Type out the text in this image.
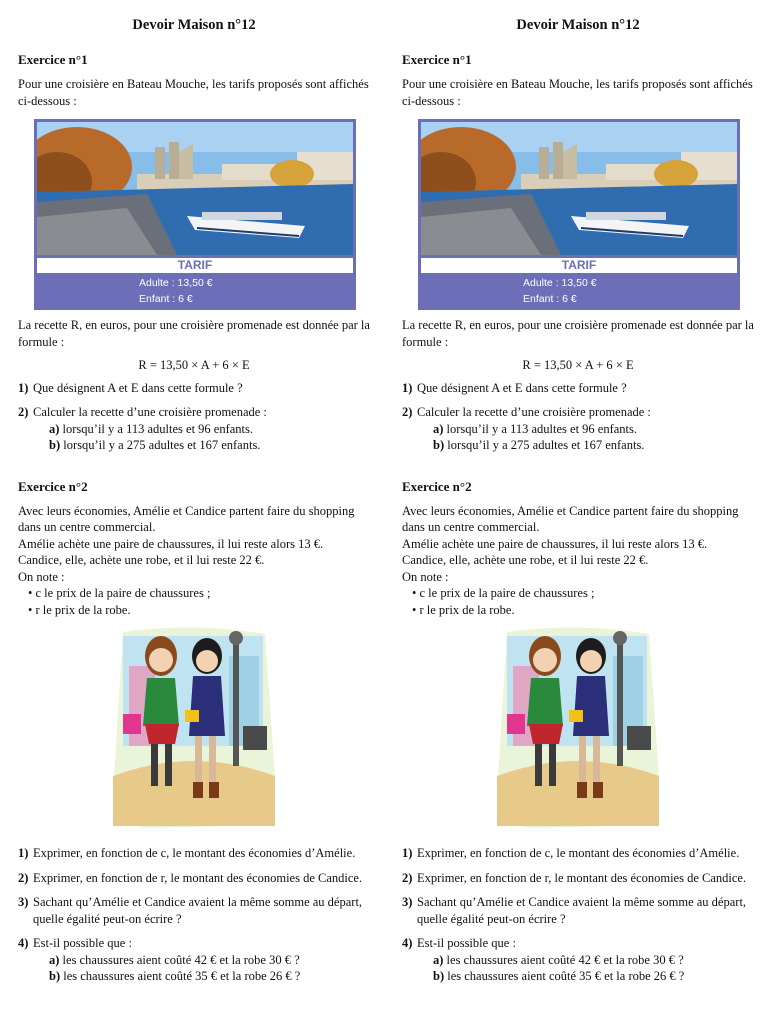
Devoir Maison n°12
Exercice n°1

Pour une croisière en Bateau Mouche, les tarifs proposés sont affichés ci-dessous :

TARIF
Adulte : 13,50 €
Enfant : 6 €

La recette R, en euros, pour une croisière promenade est donnée par la formule :

R = 13,50 × A + 6 × E
1) Que désignent A et E dans cette formule ?
2) Calculer la recette d’une croisière promenade :
a) lorsqu’il y a 113 adultes et 96 enfants.
b) lorsqu’il y a 275 adultes et 167 enfants.
Exercice n°2

Avec leurs économies, Amélie et Candice partent faire du shopping dans un centre commercial.

Amélie achète une paire de chaussures, il lui reste alors 13 €.

Candice, elle, achète une robe, et il lui reste 22 €.

On note :

• c le prix de la paire de chaussures ;

• r le prix de la robe.

1) Exprimer, en fonction de c, le montant des économies d’Amélie.
2) Exprimer, en fonction de r, le montant des économies de Candice.
3) Sachant qu’Amélie et Candice avaient la même somme au départ, quelle égalité peut-on écrire ?
4) Est-il possible que :
a) les chaussures aient coûté 42 € et la robe 30 € ?
b) les chaussures aient coûté 35 € et la robe 26 € ?
Devoir Maison n°12
Exercice n°1

Pour une croisière en Bateau Mouche, les tarifs proposés sont affichés ci-dessous :

TARIF
Adulte : 13,50 €
Enfant : 6 €

La recette R, en euros, pour une croisière promenade est donnée par la formule :

R = 13,50 × A + 6 × E
1) Que désignent A et E dans cette formule ?
2) Calculer la recette d’une croisière promenade :
a) lorsqu’il y a 113 adultes et 96 enfants.
b) lorsqu’il y a 275 adultes et 167 enfants.
Exercice n°2

Avec leurs économies, Amélie et Candice partent faire du shopping dans un centre commercial.

Amélie achète une paire de chaussures, il lui reste alors 13 €.

Candice, elle, achète une robe, et il lui reste 22 €.

On note :

• c le prix de la paire de chaussures ;

• r le prix de la robe.

1) Exprimer, en fonction de c, le montant des économies d’Amélie.
2) Exprimer, en fonction de r, le montant des économies de Candice.
3) Sachant qu’Amélie et Candice avaient la même somme au départ, quelle égalité peut-on écrire ?
4) Est-il possible que :
a) les chaussures aient coûté 42 € et la robe 30 € ?
b) les chaussures aient coûté 35 € et la robe 26 € ?
